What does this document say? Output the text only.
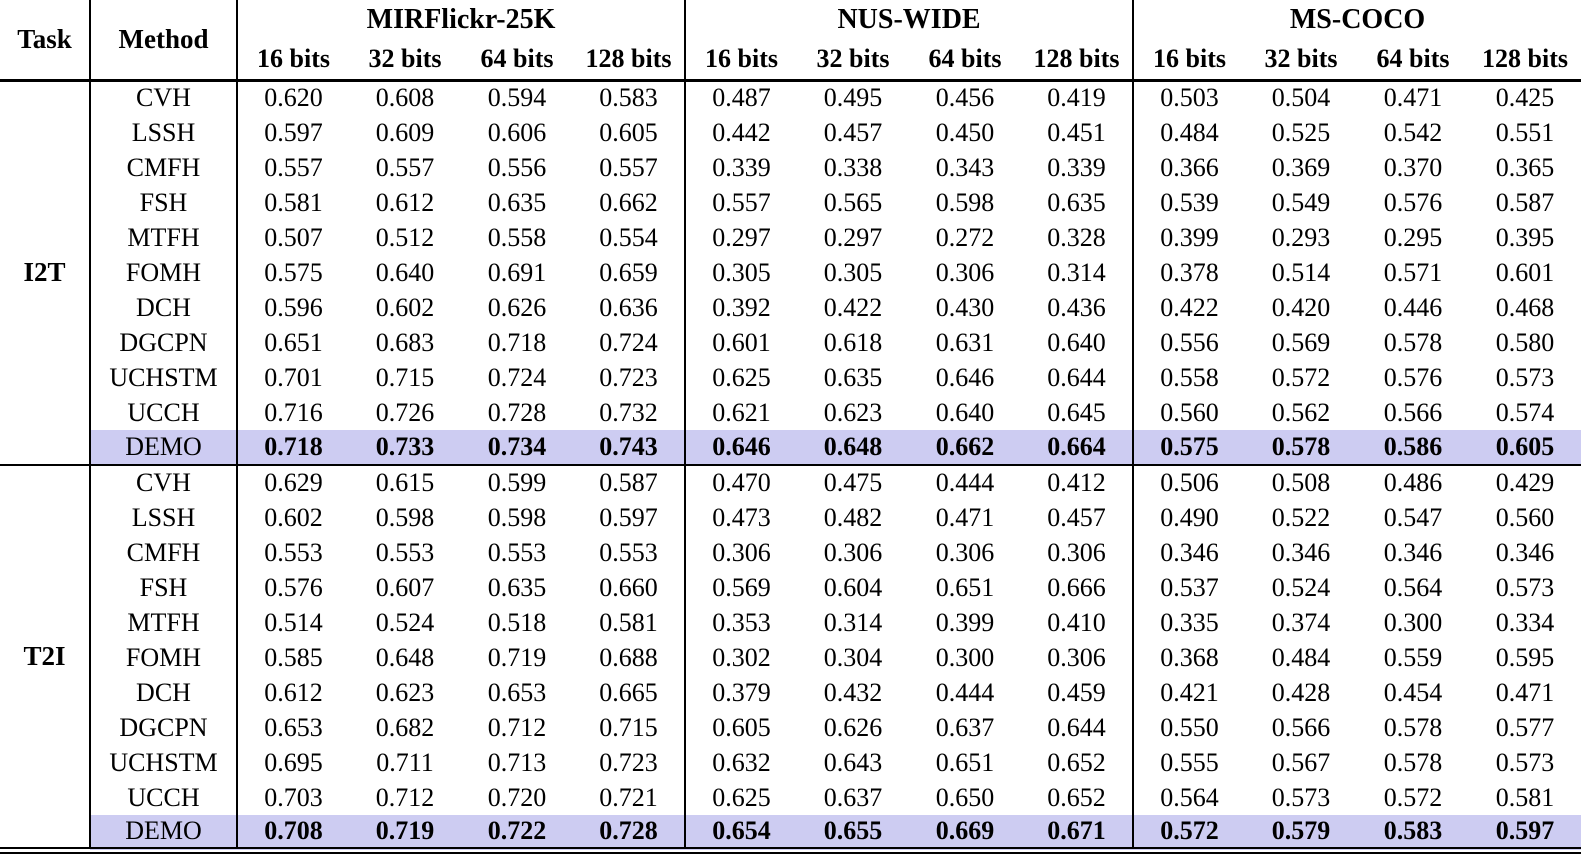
Task	Method	MIRFlickr-25K				NUS-WIDE				MS-COCO			
		16 bits	32 bits	64 bits	128 bits	16 bits	32 bits	64 bits	128 bits	16 bits	32 bits	64 bits	128 bits
I2T	CVH	0.620	0.608	0.594	0.583	0.487	0.495	0.456	0.419	0.503	0.504	0.471	0.425
	LSSH	0.597	0.609	0.606	0.605	0.442	0.457	0.450	0.451	0.484	0.525	0.542	0.551
	CMFH	0.557	0.557	0.556	0.557	0.339	0.338	0.343	0.339	0.366	0.369	0.370	0.365
	FSH	0.581	0.612	0.635	0.662	0.557	0.565	0.598	0.635	0.539	0.549	0.576	0.587
	MTFH	0.507	0.512	0.558	0.554	0.297	0.297	0.272	0.328	0.399	0.293	0.295	0.395
	FOMH	0.575	0.640	0.691	0.659	0.305	0.305	0.306	0.314	0.378	0.514	0.571	0.601
	DCH	0.596	0.602	0.626	0.636	0.392	0.422	0.430	0.436	0.422	0.420	0.446	0.468
	DGCPN	0.651	0.683	0.718	0.724	0.601	0.618	0.631	0.640	0.556	0.569	0.578	0.580
	UCHSTM	0.701	0.715	0.724	0.723	0.625	0.635	0.646	0.644	0.558	0.572	0.576	0.573
	UCCH	0.716	0.726	0.728	0.732	0.621	0.623	0.640	0.645	0.560	0.562	0.566	0.574
	DEMO	0.718	0.733	0.734	0.743	0.646	0.648	0.662	0.664	0.575	0.578	0.586	0.605
T2I	CVH	0.629	0.615	0.599	0.587	0.470	0.475	0.444	0.412	0.506	0.508	0.486	0.429
	LSSH	0.602	0.598	0.598	0.597	0.473	0.482	0.471	0.457	0.490	0.522	0.547	0.560
	CMFH	0.553	0.553	0.553	0.553	0.306	0.306	0.306	0.306	0.346	0.346	0.346	0.346
	FSH	0.576	0.607	0.635	0.660	0.569	0.604	0.651	0.666	0.537	0.524	0.564	0.573
	MTFH	0.514	0.524	0.518	0.581	0.353	0.314	0.399	0.410	0.335	0.374	0.300	0.334
	FOMH	0.585	0.648	0.719	0.688	0.302	0.304	0.300	0.306	0.368	0.484	0.559	0.595
	DCH	0.612	0.623	0.653	0.665	0.379	0.432	0.444	0.459	0.421	0.428	0.454	0.471
	DGCPN	0.653	0.682	0.712	0.715	0.605	0.626	0.637	0.644	0.550	0.566	0.578	0.577
	UCHSTM	0.695	0.711	0.713	0.723	0.632	0.643	0.651	0.652	0.555	0.567	0.578	0.573
	UCCH	0.703	0.712	0.720	0.721	0.625	0.637	0.650	0.652	0.564	0.573	0.572	0.581
	DEMO	0.708	0.719	0.722	0.728	0.654	0.655	0.669	0.671	0.572	0.579	0.583	0.597
